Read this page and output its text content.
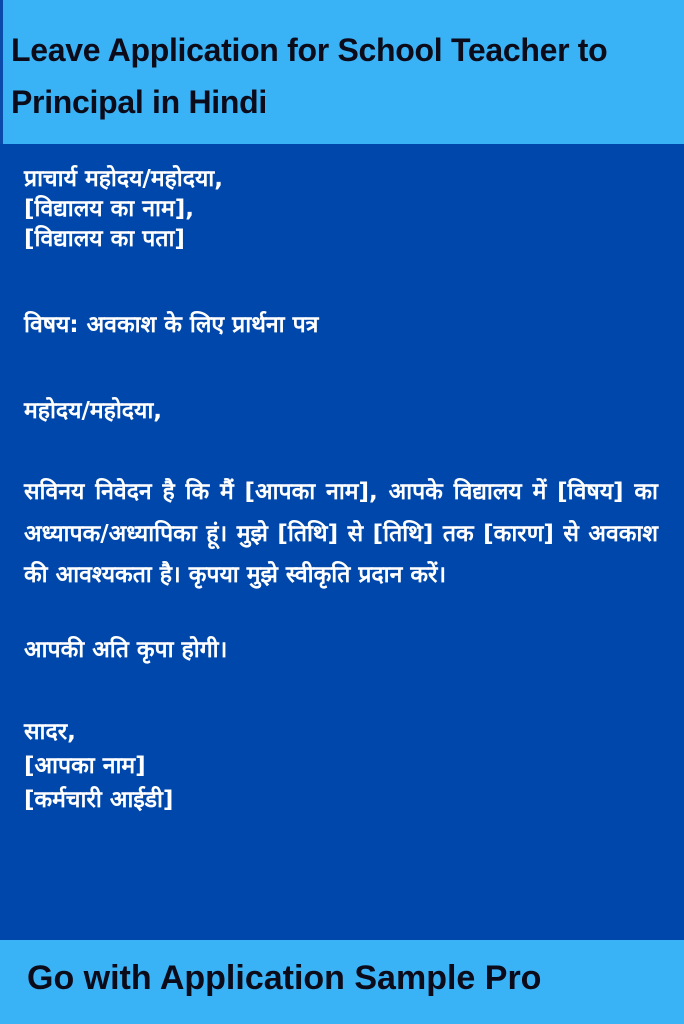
Leave Application for School Teacher to Principal in Hindi
प्राचार्य महोदय/महोदया,
[विद्यालय का नाम],
[विद्यालय का पता]
विषय: अवकाश के लिए प्रार्थना पत्र
महोदय/महोदया,

सविनय निवेदन है कि मैं [आपका नाम], आपके विद्यालय में [विषय] का अध्यापक/अध्यापिका हूं। मुझे [तिथि] से [तिथि] तक [कारण] से अवकाश की आवश्यकता है। कृपया मुझे स्वीकृति प्रदान करें।

आपकी अति कृपा होगी।
सादर,
[आपका नाम]
[कर्मचारी आईडी]

Go with Application Sample Pro
